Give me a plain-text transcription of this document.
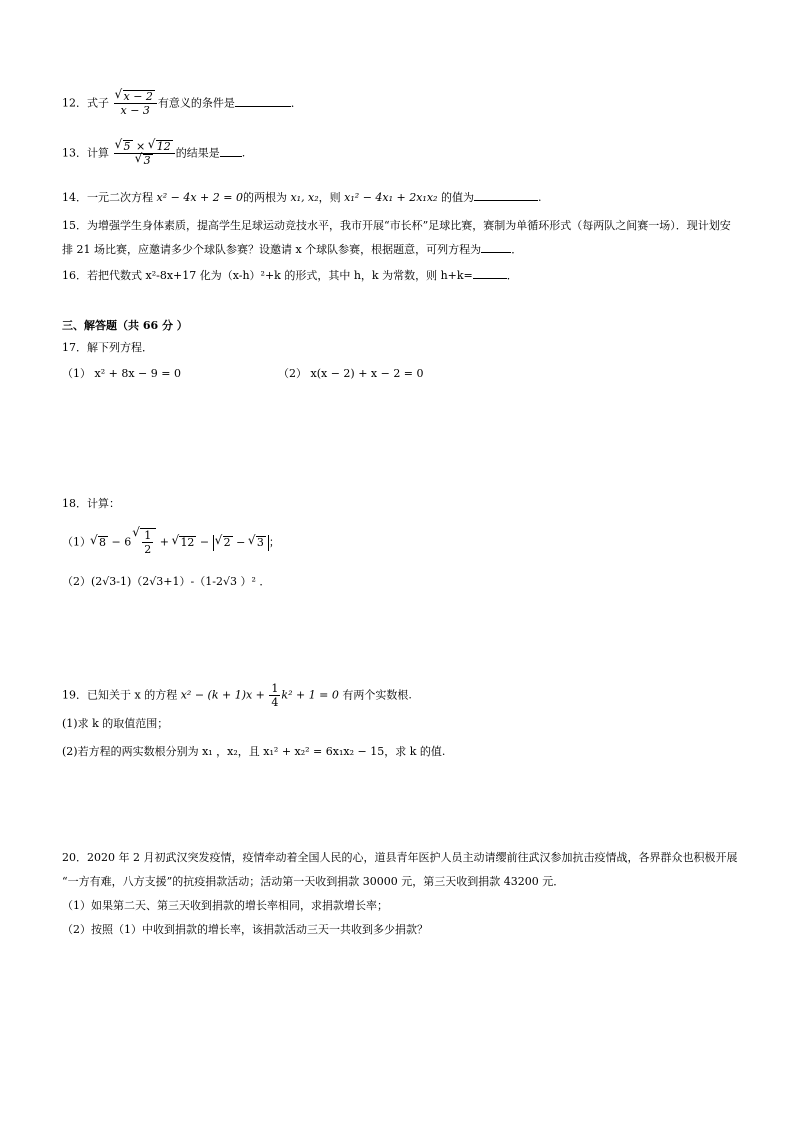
12．式子 √ $\frac{x - 2}{x - 3}$ 有意义的条件是	．
13．计算 √ 5 × √ 12
√ 3 的结果是 .
14．一元二次方程 x² − 4x + 2 = 0的两根为 x₁, x₂，则 x₁² − 4x₁ + 2x₁x₂ 的值为	.
15．为增强学生身体素质，提高学生足球运动竞技水平，我市开展“市长杯”足球比赛，赛制为单循环形式（每两队之间赛一场）．现计划安
排 21 场比赛，应邀请多少个球队参赛？设邀请 x 个球队参赛，根据题意，可列方程为	．
16．若把代数式 x²-8x+17 化为（x-h）²+k 的形式，其中 h，k 为常数，则 h+k=	．
三、解答题（共 66 分 ）
17．解下列方程．
（1） x² + 8x − 9 = 0	（2） x(x − 2) + x − 2 = 0
18．计算：
（1） √ 8 − 6 √ $\frac{1}{2}$ + √ 12 − √ 2 − √ 3 ；
（2）(2√3-1)（2√3+1）-（1-2√3 ）² ．
19．已知关于 x 的方程 $x^2 - (k + 1)x + \frac{1}{4} k^2 + 1 = 0$ 有两个实数根.
(1)求 k 的取值范围；
(2)若方程的两实数根分别为 x₁ ，x₂，且 x₁² + x₂² = 6x₁x₂ − 15，求 k 的值.
20．2020 年 2 月初武汉突发疫情，疫情牵动着全国人民的心，道县青年医护人员主动请缨前往武汉参加抗击疫情战，各界群众也积极开展
“一方有难，八方支援”的抗疫捐款活动；活动第一天收到捐款 30000 元，第三天收到捐款 43200 元．
（1）如果第二天、第三天收到捐款的增长率相同，求捐款增长率；
（2）按照（1）中收到捐款的增长率，该捐款活动三天一共收到多少捐款？
